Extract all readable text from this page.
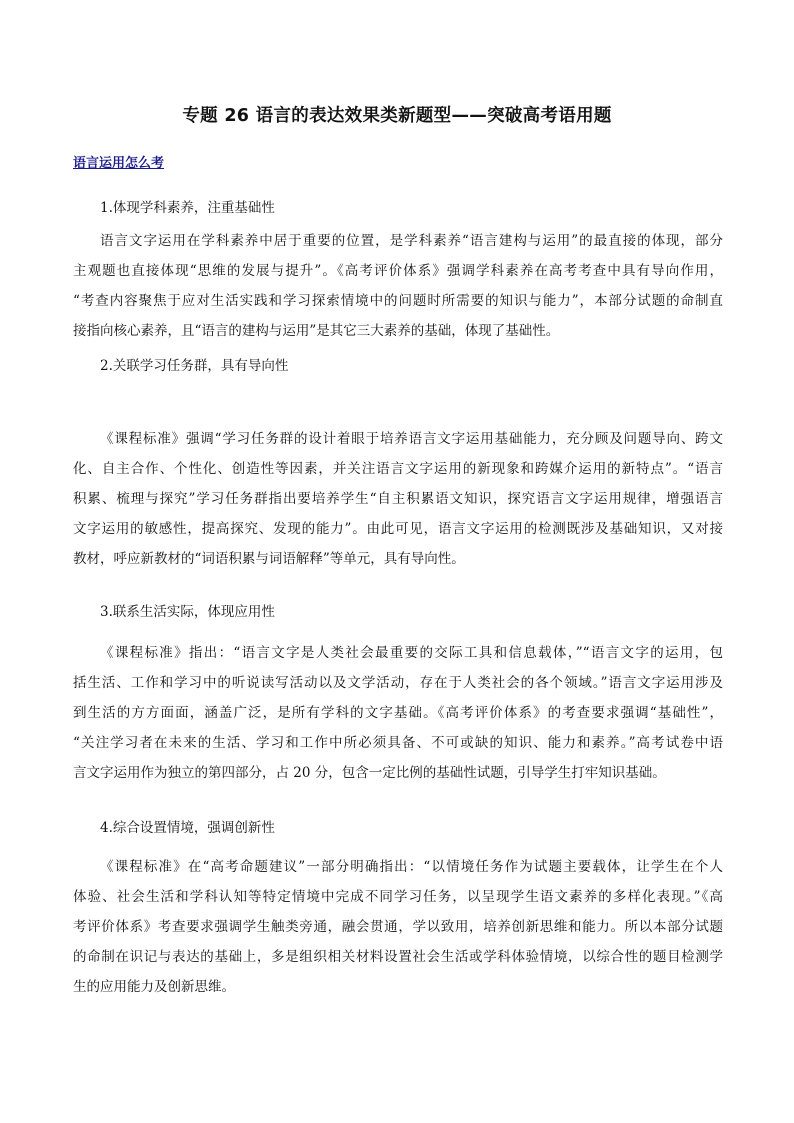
专题 26 语言的表达效果类新题型——突破高考语用题
语言运用怎么考
1.体现学科素养，注重基础性
语言文字运用在学科素养中居于重要的位置，是学科素养“语言建构与运用”的最直接的体现，部分
主观题也直接体现“思维的发展与提升”。《高考评价体系》强调学科素养在高考考查中具有导向作用，
“考查内容聚焦于应对生活实践和学习探索情境中的问题时所需要的知识与能力”，本部分试题的命制直
接指向核心素养，且“语言的建构与运用”是其它三大素养的基础，体现了基础性。
2.关联学习任务群，具有导向性
《课程标准》强调“学习任务群的设计着眼于培养语言文字运用基础能力，充分顾及问题导向、跨文
化、自主合作、个性化、创造性等因素，并关注语言文字运用的新现象和跨媒介运用的新特点”。“语言
积累、梳理与探究”学习任务群指出要培养学生“自主积累语文知识，探究语言文字运用规律，增强语言
文字运用的敏感性，提高探究、发现的能力”。由此可见，语言文字运用的检测既涉及基础知识，又对接
教材，呼应新教材的“词语积累与词语解释”等单元，具有导向性。
3.联系生活实际，体现应用性
《课程标准》指出：“语言文字是人类社会最重要的交际工具和信息载体，”“语言文字的运用，包
括生活、工作和学习中的听说读写活动以及文学活动，存在于人类社会的各个领域。”语言文字运用涉及
到生活的方方面面，涵盖广泛，是所有学科的文字基础。《高考评价体系》的考查要求强调“基础性”，
“关注学习者在未来的生活、学习和工作中所必须具备、不可或缺的知识、能力和素养。”高考试卷中语
言文字运用作为独立的第四部分，占 20 分，包含一定比例的基础性试题，引导学生打牢知识基础。
4.综合设置情境，强调创新性
《课程标准》在“高考命题建议”一部分明确指出：“以情境任务作为试题主要载体，让学生在个人
体验、社会生活和学科认知等特定情境中完成不同学习任务，以呈现学生语文素养的多样化表现。”《高
考评价体系》考查要求强调学生触类旁通，融会贯通，学以致用，培养创新思维和能力。所以本部分试题
的命制在识记与表达的基础上，多是组织相关材料设置社会生活或学科体验情境，以综合性的题目检测学
生的应用能力及创新思维。
